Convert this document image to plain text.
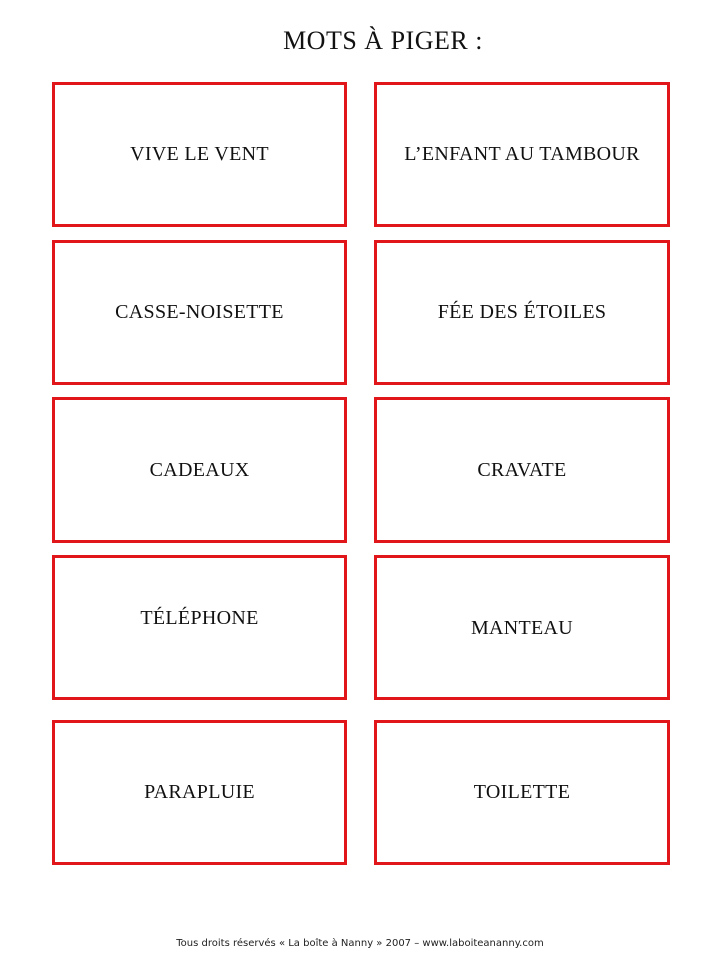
MOTS À PIGER :
VIVE LE VENT	L’ENFANT AU TAMBOUR
CASSE-NOISETTE	FÉE DES ÉTOILES
CADEAUX	CRAVATE
TÉLÉPHONE	MANTEAU
PARAPLUIE	TOILETTE
Tous droits réservés « La boîte à Nanny » 2007 – www.laboiteananny.com
